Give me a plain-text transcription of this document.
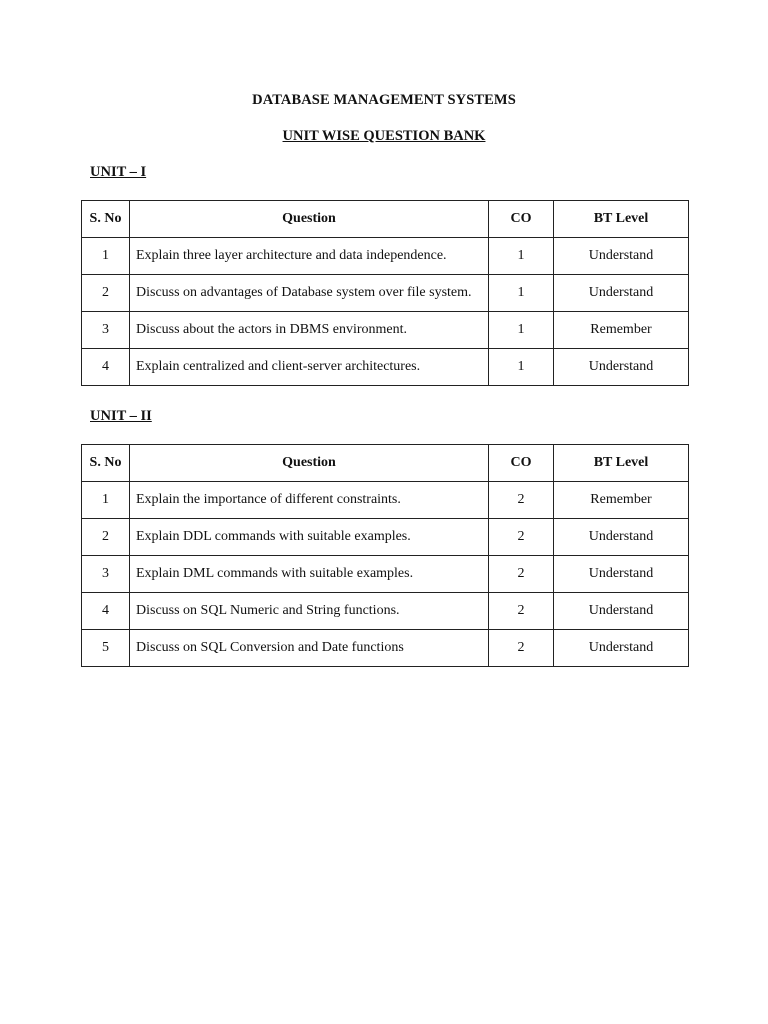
DATABASE MANAGEMENT SYSTEMS
UNIT WISE QUESTION BANK
UNIT – I
S. No	Question	CO	BT Level
1	Explain three layer architecture and data independence.	1	Understand
2	Discuss on advantages of Database system over file system.	1	Understand
3	Discuss about the actors in DBMS environment.	1	Remember
4	Explain centralized and client-server architectures.	1	Understand
UNIT – II
S. No	Question	CO	BT Level
1	Explain the importance of different constraints.	2	Remember
2	Explain DDL commands with suitable examples.	2	Understand
3	Explain DML commands with suitable examples.	2	Understand
4	Discuss on SQL Numeric and String functions.	2	Understand
5	Discuss on SQL Conversion and Date functions	2	Understand
